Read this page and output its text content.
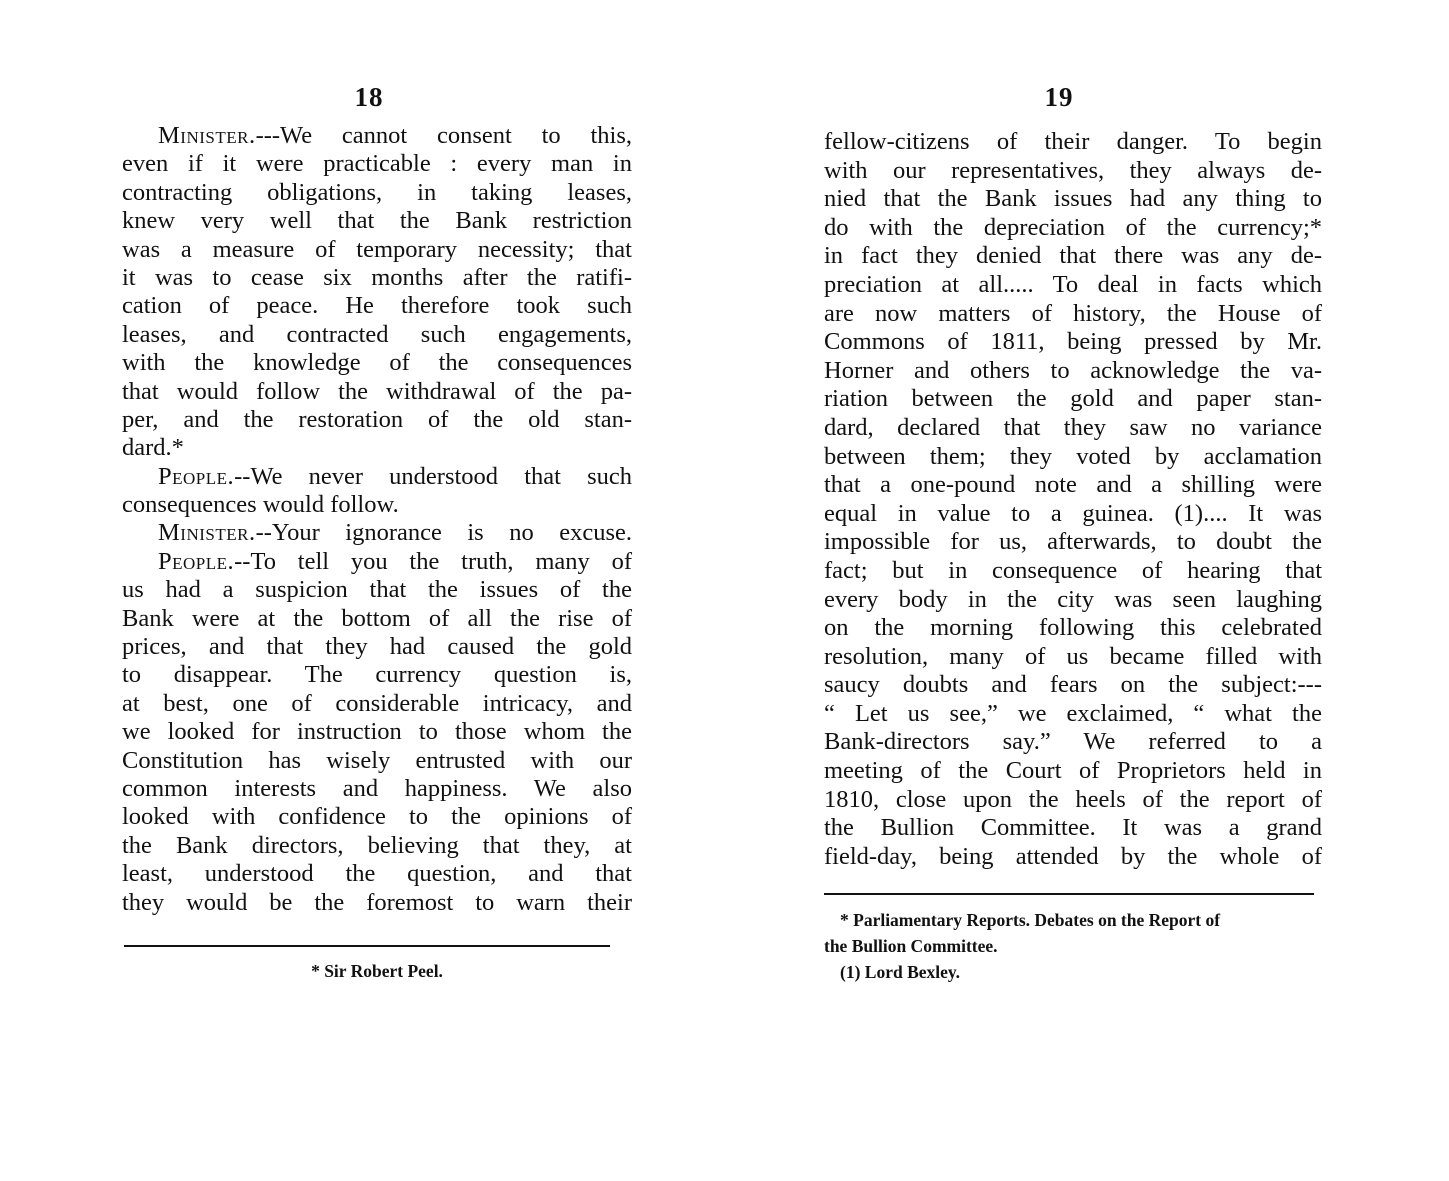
18
Minister.---We cannot consent to this,
even if it were practicable : every man in
contracting obligations, in taking leases,
knew very well that the Bank restriction
was a measure of temporary necessity; that
it was to cease six months after the ratifi-
cation of peace. He therefore took such
leases, and contracted such engagements,
with the knowledge of the consequences
that would follow the withdrawal of the pa-
per, and the restoration of the old stan-
dard.*
People.--We never understood that such
consequences would follow.
Minister.--Your ignorance is no excuse.
People.--To tell you the truth, many of
us had a suspicion that the issues of the
Bank were at the bottom of all the rise of
prices, and that they had caused the gold
to disappear. The currency question is,
at best, one of considerable intricacy, and
we looked for instruction to those whom the
Constitution has wisely entrusted with our
common interests and happiness. We also
looked with confidence to the opinions of
the Bank directors, believing that they, at
least, understood the question, and that
they would be the foremost to warn their
* Sir Robert Peel.
19
fellow-citizens of their danger. To begin
with our representatives, they always de-
nied that the Bank issues had any thing to
do with the depreciation of the currency;*
in fact they denied that there was any de-
preciation at all..... To deal in facts which
are now matters of history, the House of
Commons of 1811, being pressed by Mr.
Horner and others to acknowledge the va-
riation between the gold and paper stan-
dard, declared that they saw no variance
between them; they voted by acclamation
that a one-pound note and a shilling were
equal in value to a guinea. (1).... It was
impossible for us, afterwards, to doubt the
fact; but in consequence of hearing that
every body in the city was seen laughing
on the morning following this celebrated
resolution, many of us became filled with
saucy doubts and fears on the subject:---
“ Let us see,” we exclaimed, “ what the
Bank-directors say.” We referred to a
meeting of the Court of Proprietors held in
1810, close upon the heels of the report of
the Bullion Committee. It was a grand
field-day, being attended by the whole of
* Parliamentary Reports. Debates on the Report of
the Bullion Committee.
(1) Lord Bexley.
